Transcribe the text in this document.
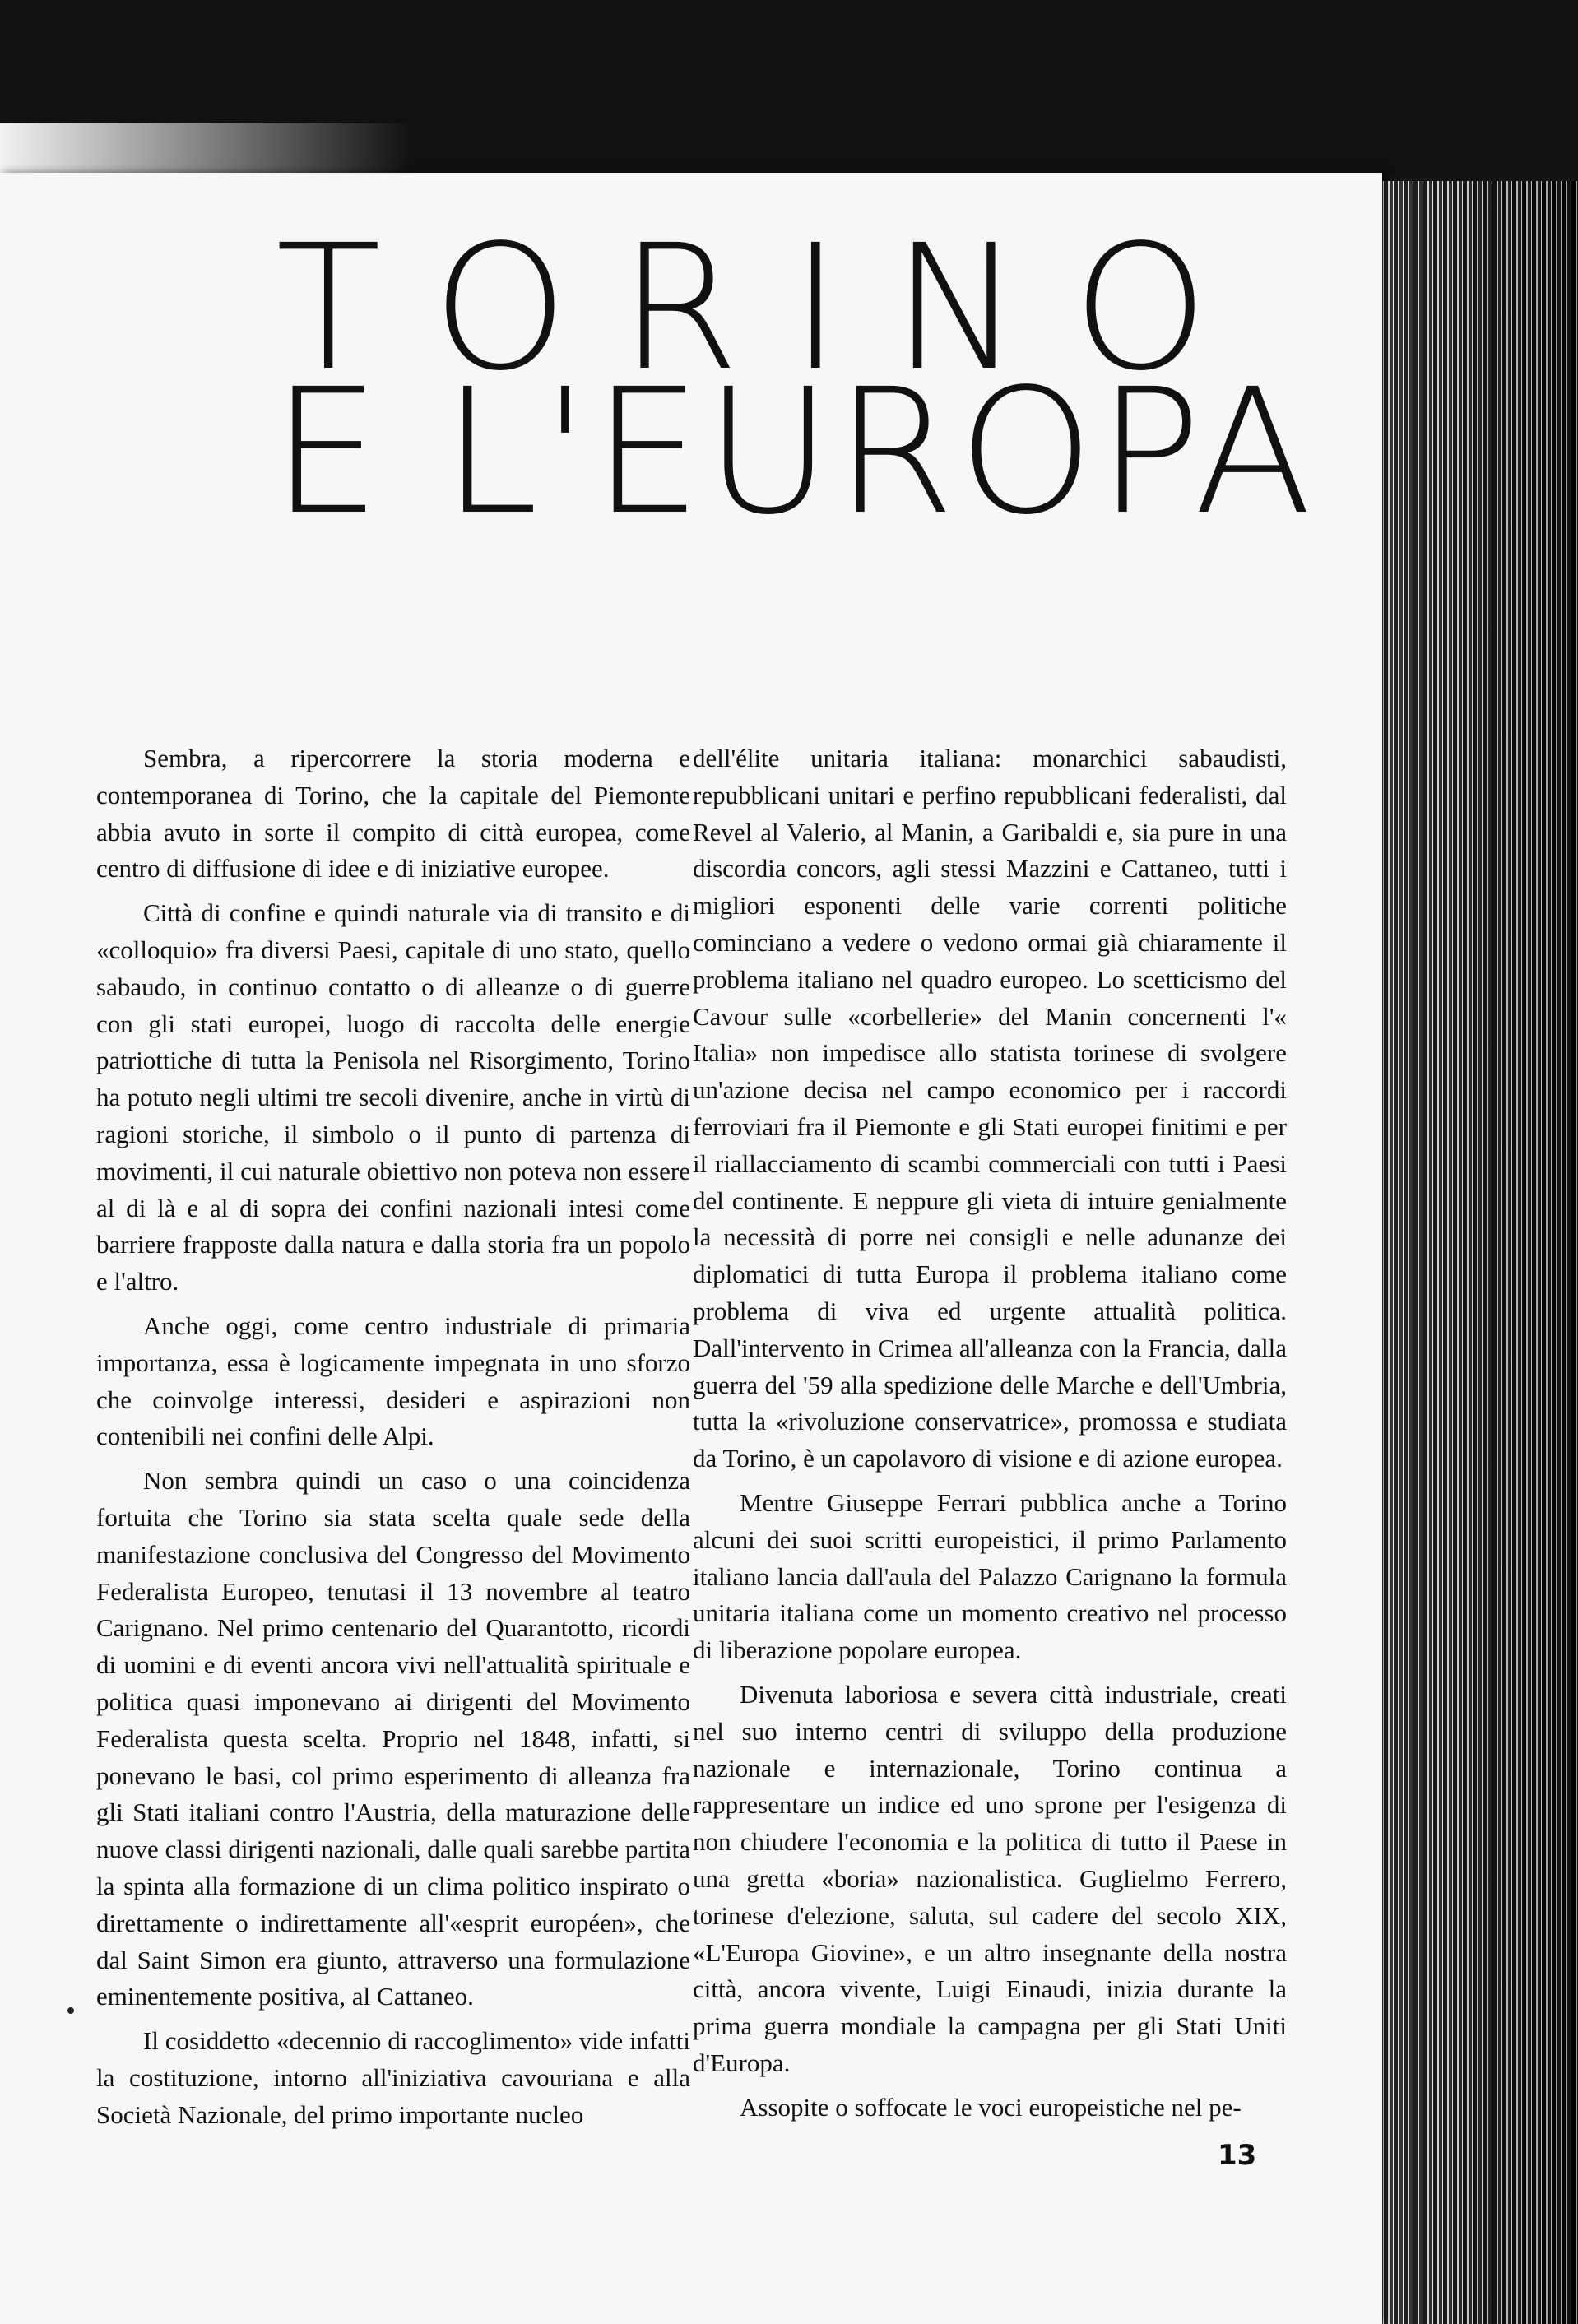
TORINO
E L'EUROPA

Sembra, a ripercorrere la storia moderna e contemporanea di Torino, che la capitale del Piemonte abbia avuto in sorte il compito di città europea, come centro di diffusione di idee e di iniziative europee.

Città di confine e quindi naturale via di transito e di «colloquio» fra diversi Paesi, capitale di uno stato, quello sabaudo, in continuo contatto o di alleanze o di guerre con gli stati europei, luogo di raccolta delle energie patriottiche di tutta la Penisola nel Risorgimento, Torino ha potuto negli ultimi tre secoli divenire, anche in virtù di ragioni storiche, il simbolo o il punto di partenza di movimenti, il cui naturale obiettivo non poteva non essere al di là e al di sopra dei confini nazionali intesi come barriere frapposte dalla natura e dalla storia fra un popolo e l'altro.

Anche oggi, come centro industriale di primaria importanza, essa è logicamente impegnata in uno sforzo che coinvolge interessi, desideri e aspirazioni non contenibili nei confini delle Alpi.

Non sembra quindi un caso o una coincidenza fortuita che Torino sia stata scelta quale sede della manifestazione conclusiva del Congresso del Movimento Federalista Europeo, tenutasi il 13 novembre al teatro Carignano. Nel primo centenario del Quarantotto, ricordi di uomini e di eventi ancora vivi nell'attualità spirituale e politica quasi imponevano ai dirigenti del Movimento Federalista questa scelta. Proprio nel 1848, infatti, si ponevano le basi, col primo esperimento di alleanza fra gli Stati italiani contro l'Austria, della maturazione delle nuove classi dirigenti nazionali, dalle quali sarebbe partita la spinta alla formazione di un clima politico inspirato o direttamente o indirettamente all'«esprit européen», che dal Saint Simon era giunto, attraverso una formulazione eminentemente positiva, al Cattaneo.

Il cosiddetto «decennio di raccoglimento» vide infatti la costituzione, intorno all'iniziativa cavouriana e alla Società Nazionale, del primo importante nucleo

dell'élite unitaria italiana: monarchici sabaudisti, repubblicani unitari e perfino repubblicani federalisti, dal Revel al Valerio, al Manin, a Garibaldi e, sia pure in una discordia concors, agli stessi Mazzini e Cattaneo, tutti i migliori esponenti delle varie correnti politiche cominciano a vedere o vedono ormai già chiaramente il problema italiano nel quadro europeo. Lo scetticismo del Cavour sulle «corbellerie» del Manin concernenti l'« Italia» non impedisce allo statista torinese di svolgere un'azione decisa nel campo economico per i raccordi ferroviari fra il Piemonte e gli Stati europei finitimi e per il riallacciamento di scambi commerciali con tutti i Paesi del continente. E neppure gli vieta di intuire genialmente la necessità di porre nei consigli e nelle adunanze dei diplomatici di tutta Europa il problema italiano come problema di viva ed urgente attualità politica. Dall'intervento in Crimea all'alleanza con la Francia, dalla guerra del '59 alla spedizione delle Marche e dell'Umbria, tutta la «rivoluzione conservatrice», promossa e studiata da Torino, è un capolavoro di visione e di azione europea.

Mentre Giuseppe Ferrari pubblica anche a Torino alcuni dei suoi scritti europeistici, il primo Parlamento italiano lancia dall'aula del Palazzo Carignano la formula unitaria italiana come un momento creativo nel processo di liberazione popolare europea.

Divenuta laboriosa e severa città industriale, creati nel suo interno centri di sviluppo della produzione nazionale e internazionale, Torino continua a rappresentare un indice ed uno sprone per l'esigenza di non chiudere l'economia e la politica di tutto il Paese in una gretta «boria» nazionalistica. Guglielmo Ferrero, torinese d'elezione, saluta, sul cadere del secolo XIX, «L'Europa Giovine», e un altro insegnante della nostra città, ancora vivente, Luigi Einaudi, inizia durante la prima guerra mondiale la campagna per gli Stati Uniti d'Europa.

Assopite o soffocate le voci europeistiche nel pe-

13
